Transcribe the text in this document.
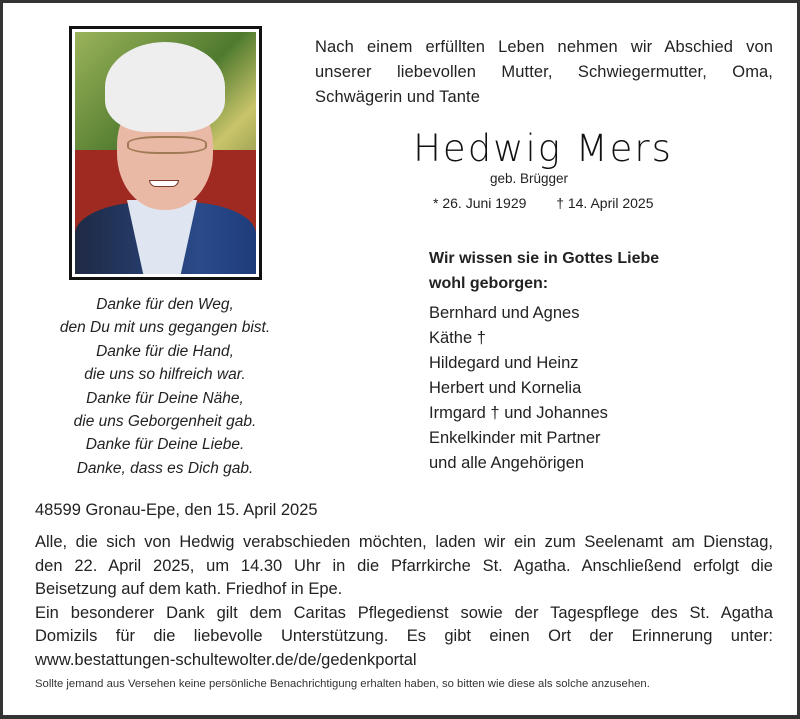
Nach einem erfüllten Leben nehmen wir Abschied von
unserer liebevollen Mutter, Schwiegermutter, Oma,
Schwägerin und Tante
Hedwig Mers
geb. Brügger
* 26. Juni 1929 † 14. April 2025
Wir wissen sie in Gottes Liebe
wohl geborgen:
Bernhard und Agnes
Käthe †
Hildegard und Heinz
Herbert und Kornelia
Irmgard † und Johannes
Enkelkinder mit Partner
und alle Angehörigen
Danke für den Weg,
den Du mit uns gegangen bist.
Danke für die Hand,
die uns so hilfreich war.
Danke für Deine Nähe,
die uns Geborgenheit gab.
Danke für Deine Liebe.
Danke, dass es Dich gab.
48599 Gronau-Epe, den 15. April 2025
Alle, die sich von Hedwig verabschieden möchten, laden wir ein zum Seelenamt am Dienstag,
den 22. April 2025, um 14.30 Uhr in die Pfarrkirche St. Agatha. Anschließend erfolgt die
Beisetzung auf dem kath. Friedhof in Epe.
Ein besonderer Dank gilt dem Caritas Pflegedienst sowie der Tagespflege des St. Agatha
Domizils für die liebevolle Unterstützung. Es gibt einen Ort der Erinnerung unter:
www.bestattungen-schultewolter.de/de/gedenkportal
Sollte jemand aus Versehen keine persönliche Benachrichtigung erhalten haben, so bitten wie diese als solche anzusehen.
